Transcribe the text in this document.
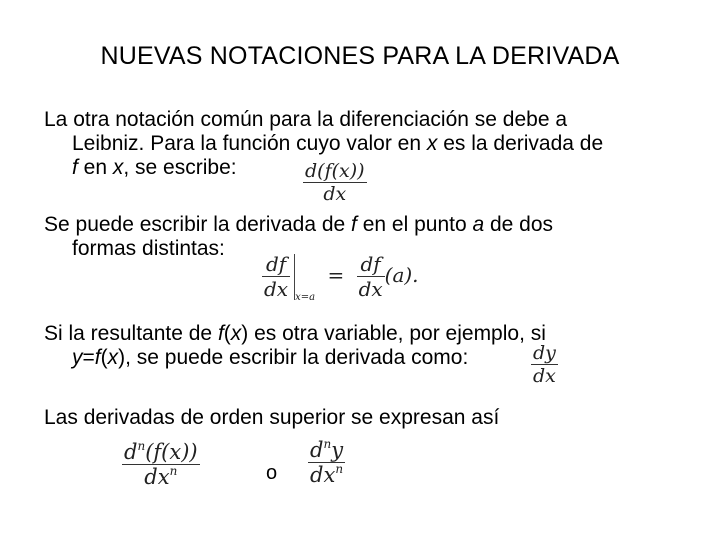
NUEVAS NOTACIONES PARA LA DERIVADA
La otra notación común para la diferenciación se debe a
Leibniz. Para la función cuyo valor en x es la derivada de
f en x, se escribe:	$\frac{d(f(x))}{dx}$
Se puede escribir la derivada de f en el punto a de dos
formas distintas:
$\frac{df}{dx} _{x=a} = \frac{df}{dx} (a)$.
Si la resultante de f(x) es otra variable, por ejemplo, si
y=f(x), se puede escribir la derivada como:	$\frac{dy}{dx}$
Las derivadas de orden superior se expresan así
$\frac{d^n(f(x))}{dx^n}$	o $\frac{d^ny}{dx^n}$
